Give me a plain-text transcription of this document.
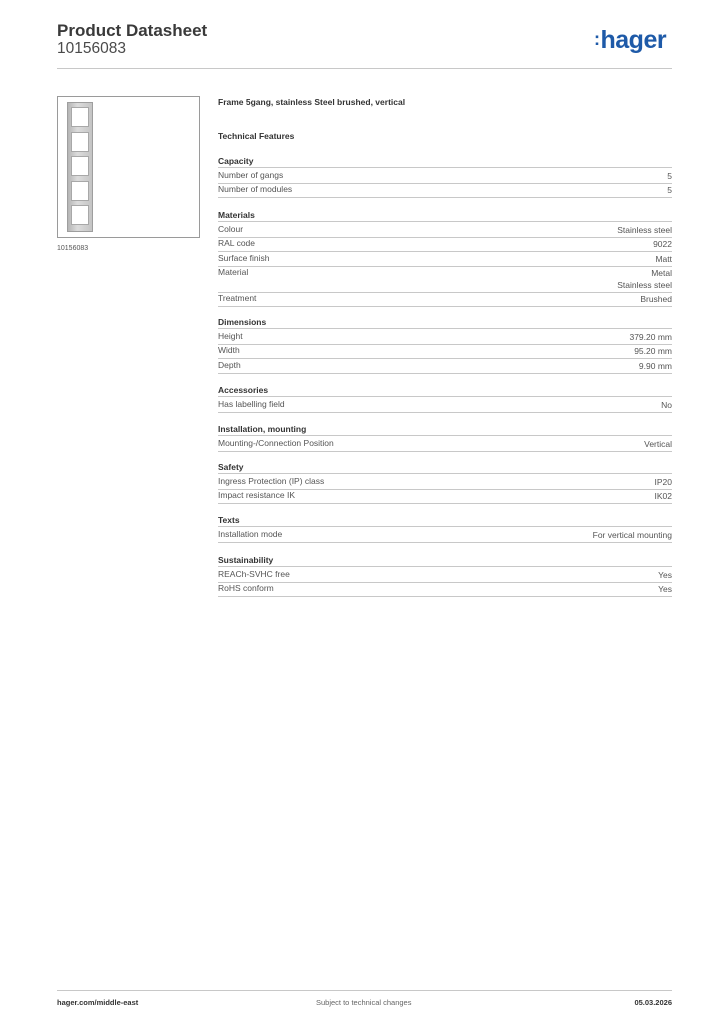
Product Datasheet
10156083	:hager
10156083
Frame 5gang, stainless Steel brushed, vertical
Technical Features
Capacity
Number of gangs	5
Number of modules	5
Materials
Colour	Stainless steel
RAL code	9022
Surface finish	Matt
Material	Metal
Stainless steel
Treatment	Brushed
Dimensions
Height	379.20 mm
Width	95.20 mm
Depth	9.90 mm
Accessories
Has labelling field	No
Installation, mounting
Mounting-/Connection Position	Vertical
Safety
Ingress Protection (IP) class	IP20
Impact resistance IK	IK02
Texts
Installation mode	For vertical mounting
Sustainability
REACh-SVHC free	Yes
RoHS conform	Yes
hager.com/middle-east	Subject to technical changes	05.03.2026
